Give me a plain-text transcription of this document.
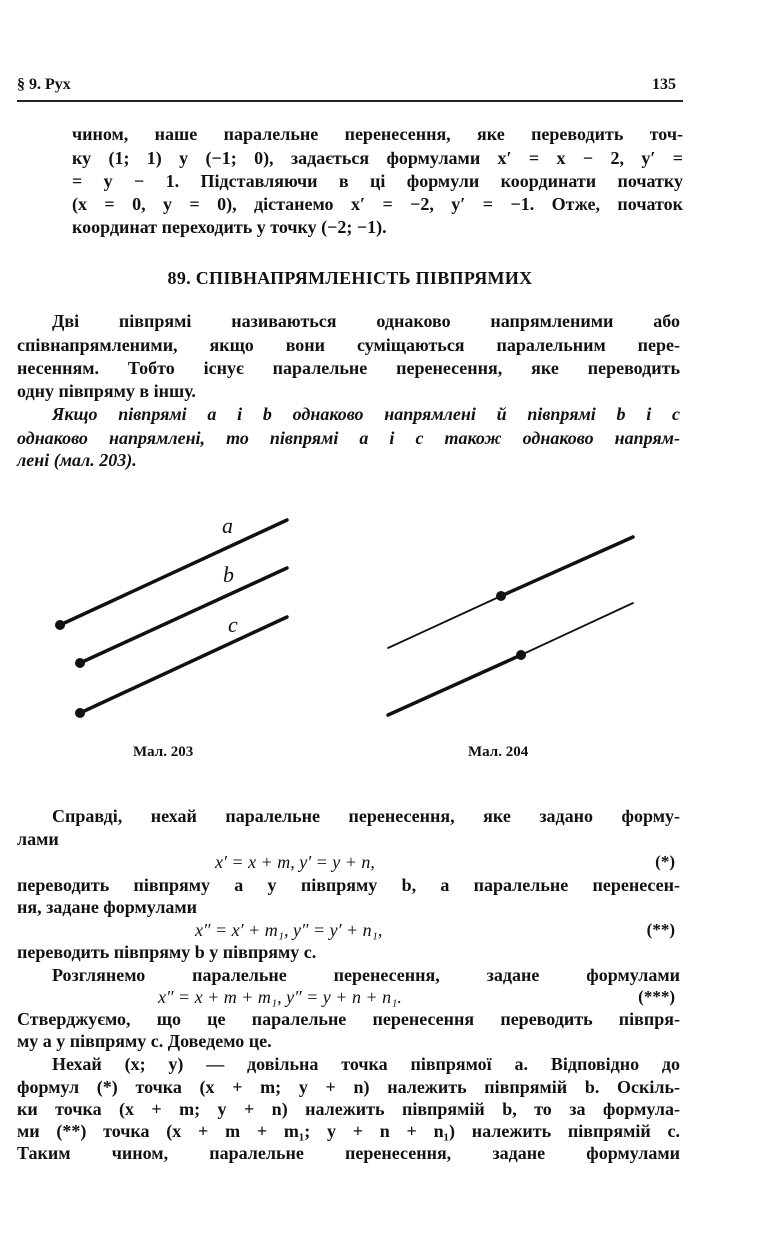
§ 9. Рух	135
чином, наше паралельне перенесення, яке переводить точ-
ку (1; 1) у (−1; 0), задається формулами x′ = x − 2, y′ =
= y − 1. Підставляючи в ці формули координати початку
(x = 0, y = 0), дістанемо x′ = −2, y′ = −1. Отже, початок
координат переходить у точку (−2; −1).
89. СПІВНАПРЯМЛЕНІСТЬ ПІВПРЯМИХ
Дві півпрямі називаються однаково напрямленими або
співнапрямленими, якщо вони суміщаються паралельним пере-
несенням. Тобто існує паралельне перенесення, яке переводить
одну півпряму в іншу.
Якщо півпрямі a і b однаково напрямлені й півпрямі b і c
однаково напрямлені, то півпрямі a і c також однаково напрям-
лені (мал. 203).
a
b
c
Мал. 203	Мал. 204
Справді, нехай паралельне перенесення, яке задано форму-
лами
x′ = x + m, y′ = y + n,	(*)
переводить півпряму a у півпряму b, а паралельне перенесен-
ня, задане формулами
x″ = x′ + m₁, y″ = y′ + n₁,	(**)
переводить півпряму b у півпряму c.
Розглянемо паралельне перенесення, задане формулами
x″ = x + m + m₁, y″ = y + n + n₁.	(***)
Стверджуємо, що це паралельне перенесення переводить півпря-
му a у півпряму c. Доведемо це.
Нехай (x; y) — довільна точка півпрямої a. Відповідно до
формул (*) точка (x + m; y + n) належить півпрямій b. Оскіль-
ки точка (x + m; y + n) належить півпрямій b, то за формула-
ми (**) точка (x + m + m₁; y + n + n₁) належить півпрямій c.
Таким чином, паралельне перенесення, задане формулами
